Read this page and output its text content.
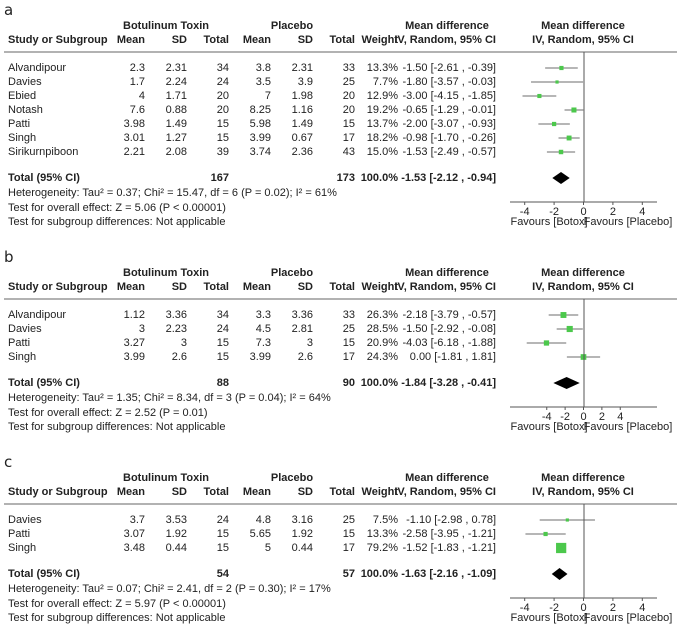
a
Botulinum Toxin	Placebo	Mean difference	Mean difference
Study or Subgroup Mean SD Total Mean SD Total Weight
IV, Random, 95% CI	IV, Random, 95% CI
Alvandipour	2.3 2.31	34 3.8 2.31	33 13.3% -1.50 [-2.61 , -0.39]
Davies	1.7 2.24	24 3.5 3.9	25 7.7% -1.80 [-3.57 , -0.03]
Ebied	4 1.71	20	7 1.98	20 12.9% -3.00 [-4.15 , -1.85]
Notash	7.6 0.88	20 8.25 1.16	20 19.2% -0.65 [-1.29 , -0.01]
Patti	3.98 1.49	15 5.98 1.49	15 13.7% -2.00 [-3.07 , -0.93]
Singh	3.01 1.27	15 3.99 0.67	17 18.2% -0.98 [-1.70 , -0.26]
Sirikurnpiboon	2.21 2.08	39 3.74 2.36	43 15.0% -1.53 [-2.49 , -0.57]
Total (95% CI)	167	173 100.0% -1.53 [-2.12 , -0.94]
Heterogeneity: Tau² = 0.37; Chi² = 15.47, df = 6 (P = 0.02); I² = 61%
Test for overall effect: Z = 5.06 (P < 0.00001)
Test for subgroup differences: Not applicable
-4	-2	0	2	4
Favours [Botox]
Favours [Placebo]
b
Botulinum Toxin	Placebo	Mean difference	Mean difference
Study or Subgroup Mean SD Total Mean SD Total Weight
IV, Random, 95% CI	IV, Random, 95% CI
Alvandipour	1.12 3.36	34 3.3 3.36	33 26.3% -2.18 [-3.79 , -0.57]
Davies	3 2.23	24 4.5 2.81	25 28.5% -1.50 [-2.92 , -0.08]
Patti	3.27	3	15 7.3	3	15 20.9% -4.03 [-6.18 , -1.88]
Singh	3.99 2.6	15 3.99 2.6	17 24.3% 0.00 [-1.81 , 1.81]
Total (95% CI)	88	90 100.0% -1.84 [-3.28 , -0.41]
Heterogeneity: Tau² = 1.35; Chi² = 8.34, df = 3 (P = 0.04); I² = 64%
Test for overall effect: Z = 2.52 (P = 0.01)
Test for subgroup differences: Not applicable
-4 -2 0	2	4
Favours [Botox]
Favours [Placebo]
c
Botulinum Toxin	Placebo	Mean difference	Mean difference
Study or Subgroup Mean SD Total Mean SD Total Weight
IV, Random, 95% CI	IV, Random, 95% CI
Davies	3.7 3.53	24 4.8 3.16	25 7.5% -1.10 [-2.98 , 0.78]
Patti	3.07 1.92	15 5.65 1.92	15 13.3% -2.58 [-3.95 , -1.21]
Singh	3.48 0.44	15	5 0.44	17 79.2% -1.52 [-1.83 , -1.21]
Total (95% CI)	54	57 100.0% -1.63 [-2.16 , -1.09]
Heterogeneity: Tau² = 0.07; Chi² = 2.41, df = 2 (P = 0.30); I² = 17%
Test for overall effect: Z = 5.97 (P < 0.00001)
Test for subgroup differences: Not applicable
-4	-2	0	2	4
Favours [Botox]
Favours [Placebo]
